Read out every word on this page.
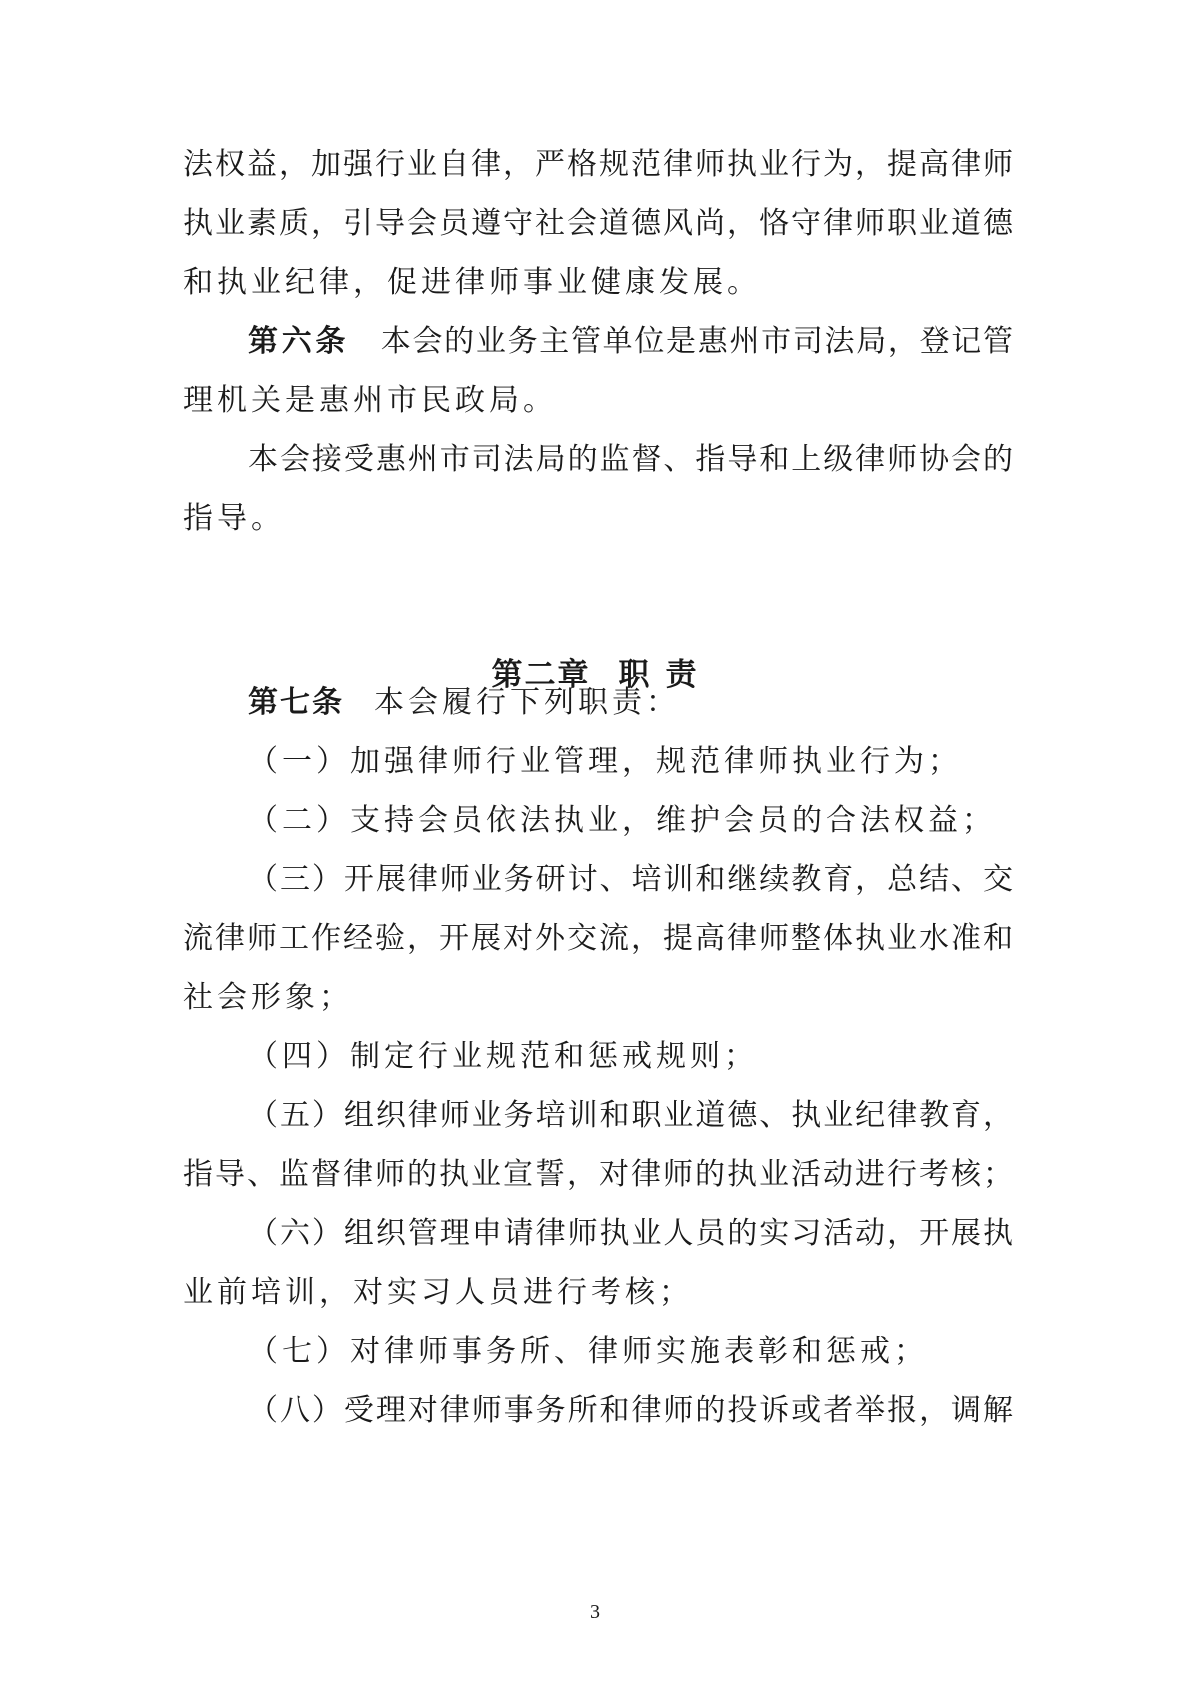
法权益，加强行业自律，严格规范律师执业行为，提高律师
执业素质，引导会员遵守社会道德风尚，恪守律师职业道德
和执业纪律，促进律师事业健康发展。
第六条 本会的业务主管单位是惠州市司法局，登记管
理机关是惠州市民政局。
本会接受惠州市司法局的监督、指导和上级律师协会的
指导。
第二章 职 责
第七条 本会履行下列职责：
（一）加强律师行业管理，规范律师执业行为；
（二）支持会员依法执业，维护会员的合法权益；
（三）开展律师业务研讨、培训和继续教育，总结、交
流律师工作经验，开展对外交流，提高律师整体执业水准和
社会形象；
（四）制定行业规范和惩戒规则；
（五）组织律师业务培训和职业道德、执业纪律教育，
指导、监督律师的执业宣誓，对律师的执业活动进行考核；
（六）组织管理申请律师执业人员的实习活动，开展执
业前培训，对实习人员进行考核；
（七）对律师事务所、律师实施表彰和惩戒；
（八）受理对律师事务所和律师的投诉或者举报，调解
3
